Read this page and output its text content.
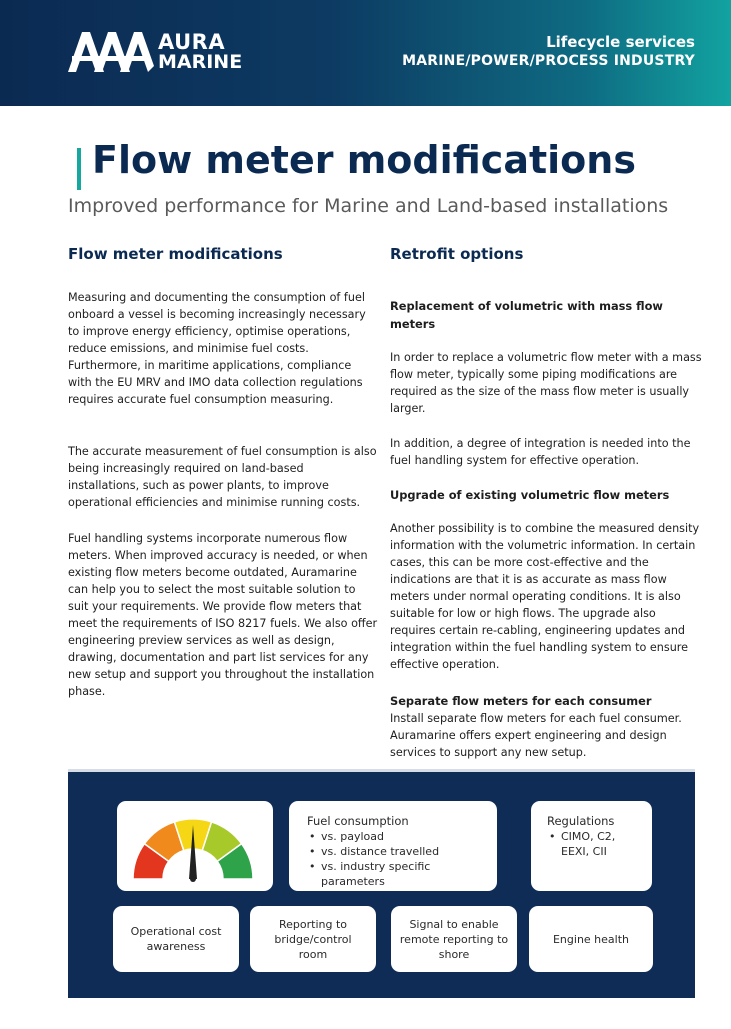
AURA
MARINE
Lifecycle services
MARINE/POWER/PROCESS INDUSTRY
Flow meter modifications
Improved performance for Marine and Land-based installations
Flow meter modifications

Measuring and documenting the consumption of fuel onboard a vessel is becoming increasingly necessary to improve energy efficiency, optimise operations, reduce emissions, and minimise fuel costs. Furthermore, in maritime applications, compliance with the EU MRV and IMO data collection regulations requires accurate fuel consumption measuring.

The accurate measurement of fuel consumption is also being increasingly required on land-based installations, such as power plants, to improve operational efficiencies and minimise running costs.

Fuel handling systems incorporate numerous flow meters. When improved accuracy is needed, or when existing flow meters become outdated, Auramarine can help you to select the most suitable solution to suit your requirements. We provide flow meters that meet the requirements of ISO 8217 fuels. We also offer engineering preview services as well as design, drawing, documentation and part list services for any new setup and support you throughout the installation phase.

Retrofit options
Replacement of volumetric with mass flow meters

In order to replace a volumetric flow meter with a mass flow meter, typically some piping modifications are required as the size of the mass flow meter is usually larger.

In addition, a degree of integration is needed into the fuel handling system for effective operation.

Upgrade of existing volumetric flow meters

Another possibility is to combine the measured density information with the volumetric information. In certain cases, this can be more cost-effective and the indications are that it is as accurate as mass flow meters under normal operating conditions. It is also suitable for low or high flows. The upgrade also requires certain re-cabling, engineering updates and integration within the fuel handling system to ensure effective operation.

Separate flow meters for each consumer

Install separate flow meters for each fuel consumer. Auramarine offers expert engineering and design services to support any new setup.

Fuel consumption
• vs. payload
• vs. distance travelled
• vs. industry specific parameters
Regulations
• CIMO, C2, EEXI, CII
Operational cost awareness
Reporting to bridge/control room
Signal to enable remote reporting to shore
Engine health
